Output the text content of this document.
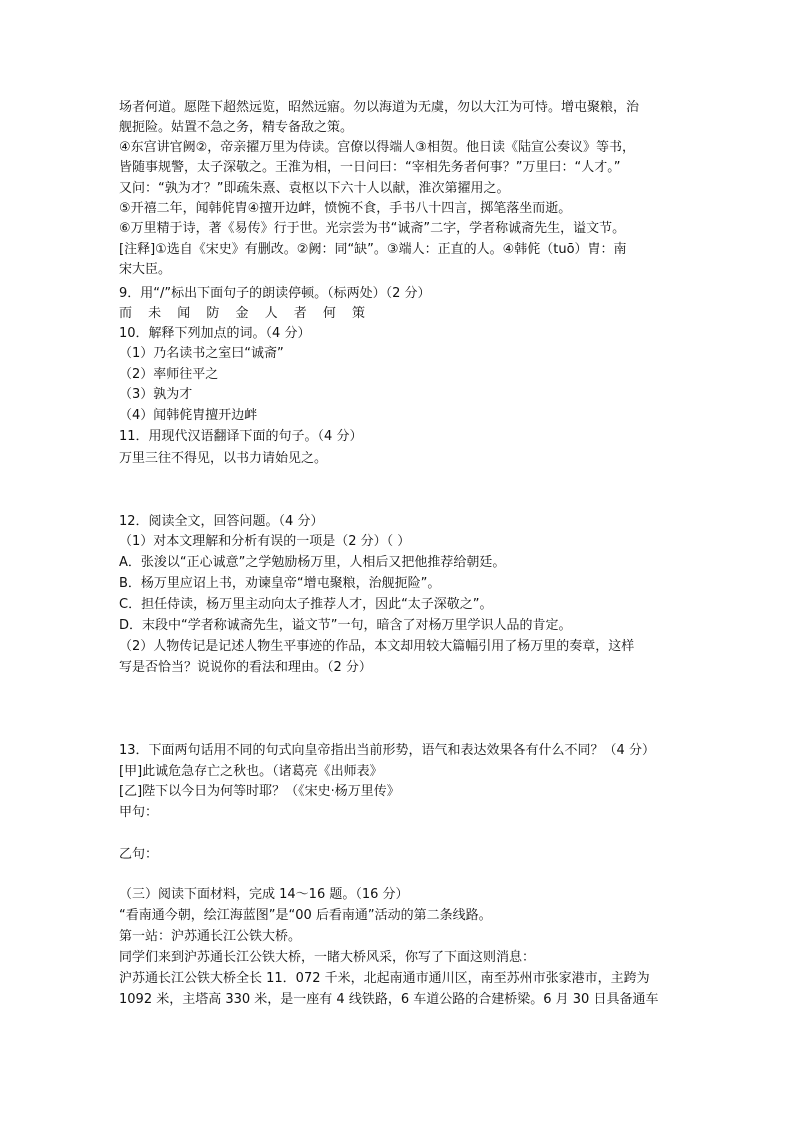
场者何道。愿陛下超然远览，昭然远寤。勿以海道为无虞，勿以大江为可恃。增屯聚粮，治
舰扼险。姑置不急之务，精专备敌之策。
④东宫讲官阙②，帝亲擢万里为侍读。宫僚以得端人③相贺。他日读《陆宣公奏议》等书，
皆随事规警，太子深敬之。王淮为相，一日问曰：“宰相先务者何事？”万里曰：“人才。”
又问：“孰为才？”即疏朱熹、袁枢以下六十人以献，淮次第擢用之。
⑤开禧二年，闻韩侂胄④擅开边衅，愤惋不食，手书八十四言，掷笔落坐而逝。
⑥万里精于诗，著《易传》行于世。光宗尝为书“诚斋”二字，学者称诚斋先生，谥文节。
[注释]①选自《宋史》有删改。②阙：同“缺”。③端人：正直的人。④韩侂（tuō）胄：南
宋大臣。
9．用“/”标出下面句子的朗读停顿。（标两处）（2 分）
而 未 闻 防 金 人 者 何 策
10．解释下列加点的词。（4 分）
（1）乃名读书之室曰“诚斋”
（2）率师往平之
（3）孰为才
（4）闻韩侂胄擅开边衅
11．用现代汉语翻译下面的句子。（4 分）
万里三往不得见，以书力请始见之。
12．阅读全文，回答问题。（4 分）
（1）对本文理解和分析有误的一项是（2 分）（ ）
A．张浚以“正心诚意”之学勉励杨万里，人相后又把他推荐给朝廷。
B．杨万里应诏上书，劝谏皇帝“增屯聚粮，治舰扼险”。
C．担任侍读，杨万里主动向太子推荐人才，因此“太子深敬之”。
D．末段中“学者称诚斋先生，谥文节”一句，暗含了对杨万里学识人品的肯定。
（2）人物传记是记述人物生平事迹的作品，本文却用较大篇幅引用了杨万里的奏章，这样
写是否恰当？说说你的看法和理由。（2 分）
13．下面两句话用不同的句式向皇帝指出当前形势，语气和表达效果各有什么不同？（4 分）
[甲]此诚危急存亡之秋也。（诸葛亮《出师表》
[乙]陛下以今日为何等时耶？（《宋史·杨万里传》
甲句：
乙句：
（三）阅读下面材料，完成 14～16 题。（16 分）
“看南通今朝，绘江海蓝图”是“00 后看南通”活动的第二条线路。
第一站：沪苏通长江公铁大桥。
同学们来到沪苏通长江公铁大桥，一睹大桥风采，你写了下面这则消息：
沪苏通长江公铁大桥全长 11．072 千米，北起南通市通川区，南至苏州市张家港市，主跨为
1092 米，主塔高 330 米，是一座有 4 线铁路，6 车道公路的合建桥梁。6 月 30 日具备通车
